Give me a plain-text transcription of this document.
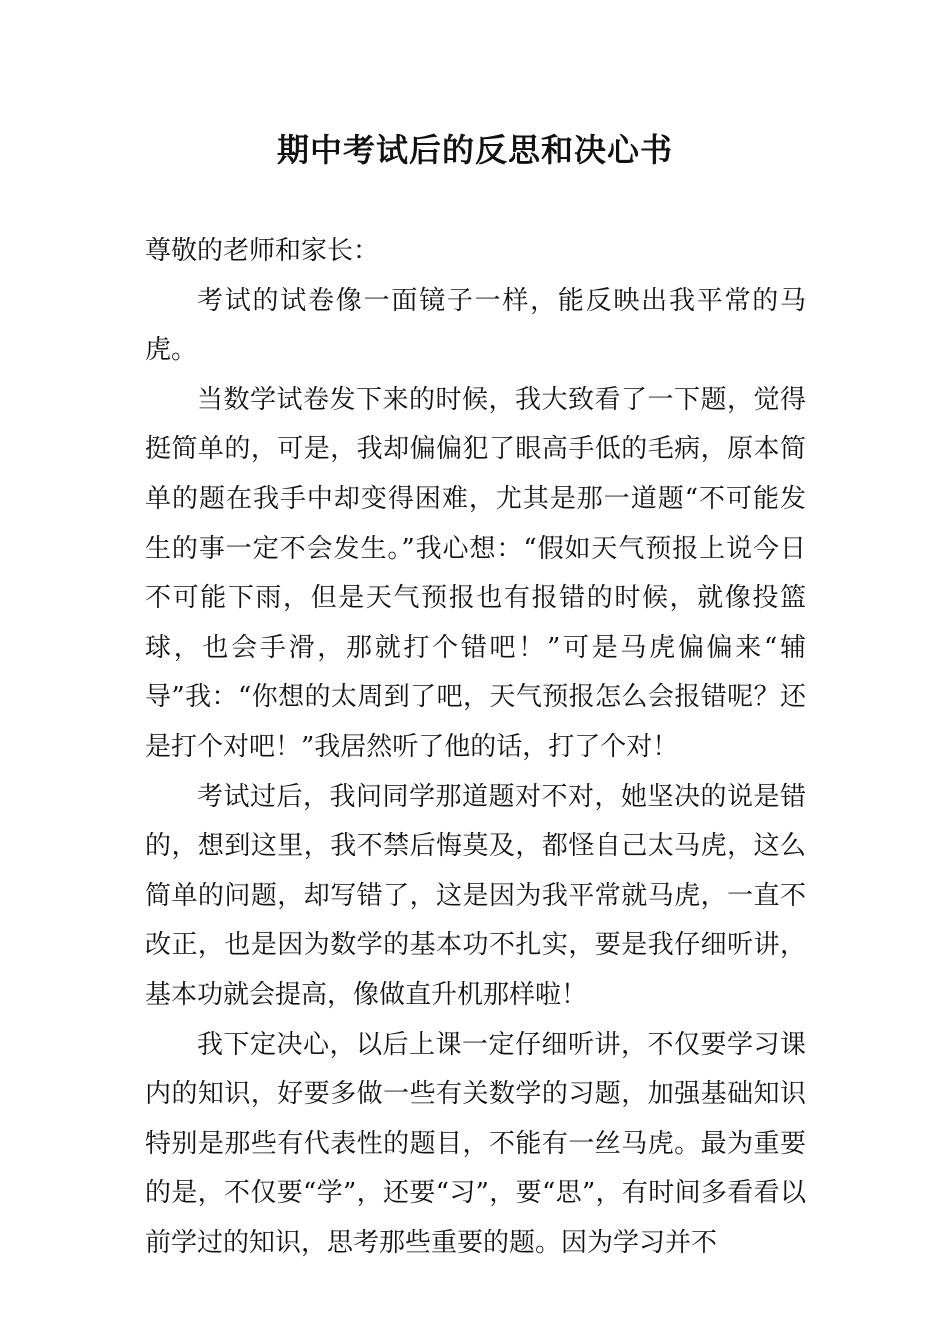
期中考试后的反思和决心书

尊敬的老师和家长：

考试的试卷像一面镜子一样，能反映出我平常的马虎。

当数学试卷发下来的时候，我大致看了一下题，觉得挺简单的，可是，我却偏偏犯了眼高手低的毛病，原本简单的题在我手中却变得困难，尤其是那一道题“不可能发生的事一定不会发生。”我心想：“假如天气预报上说今日不可能下雨，但是天气预报也有报错的时候，就像投篮球，也会手滑，那就打个错吧！”可是马虎偏偏来“辅导”我：“你想的太周到了吧，天气预报怎么会报错呢？还是打个对吧！”我居然听了他的话，打了个对！

考试过后，我问同学那道题对不对，她坚决的说是错的，想到这里，我不禁后悔莫及，都怪自己太马虎，这么简单的问题，却写错了，这是因为我平常就马虎，一直不改正，也是因为数学的基本功不扎实，要是我仔细听讲，基本功就会提高，像做直升机那样啦！

我下定决心，以后上课一定仔细听讲，不仅要学习课内的知识，好要多做一些有关数学的习题，加强基础知识特别是那些有代表性的题目，不能有一丝马虎。最为重要的是，不仅要“学”，还要“习”，要“思”，有时间多看看以前学过的知识，思考那些重要的题。因为学习并不
